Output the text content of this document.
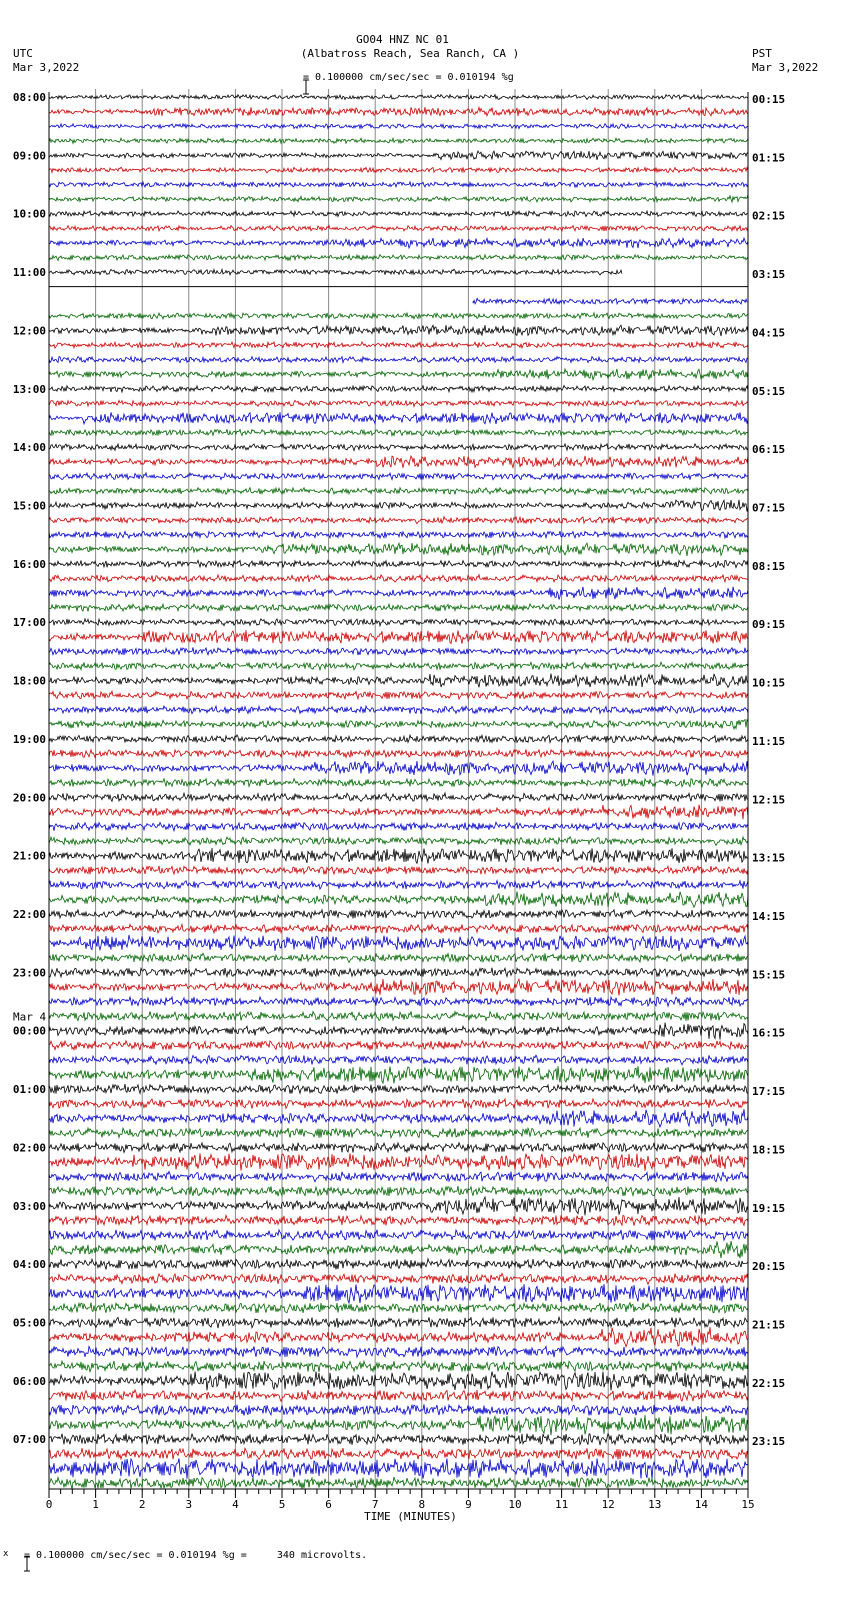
GO04 HNZ NC 01
(Albatross Reach, Sea Ranch, CA )

= 0.100000 cm/sec/sec = 0.010194 %g
UTC
Mar 3,2022
PST
Mar 3,2022
0	1	2	3	4	5	6	7	8	9	10	11	12	13	14	15
08:00
09:00
10:00
11:00
12:00
13:00
14:00
15:00
16:00
17:00
18:00
19:00
20:00
21:00
22:00
23:00
00:00
01:00
02:00
03:00
04:00
05:00
06:00
07:00
Mar 4
00:15
01:15
02:15
03:15
04:15
05:15
06:15
07:15
08:15
09:15
10:15
11:15
12:15
13:15
14:15
15:15
16:15
17:15
18:15
19:15
20:15
21:15
22:15
23:15
TIME (MINUTES)
x

= 0.100000 cm/sec/sec = 0.010194 %g =     340 microvolts.
